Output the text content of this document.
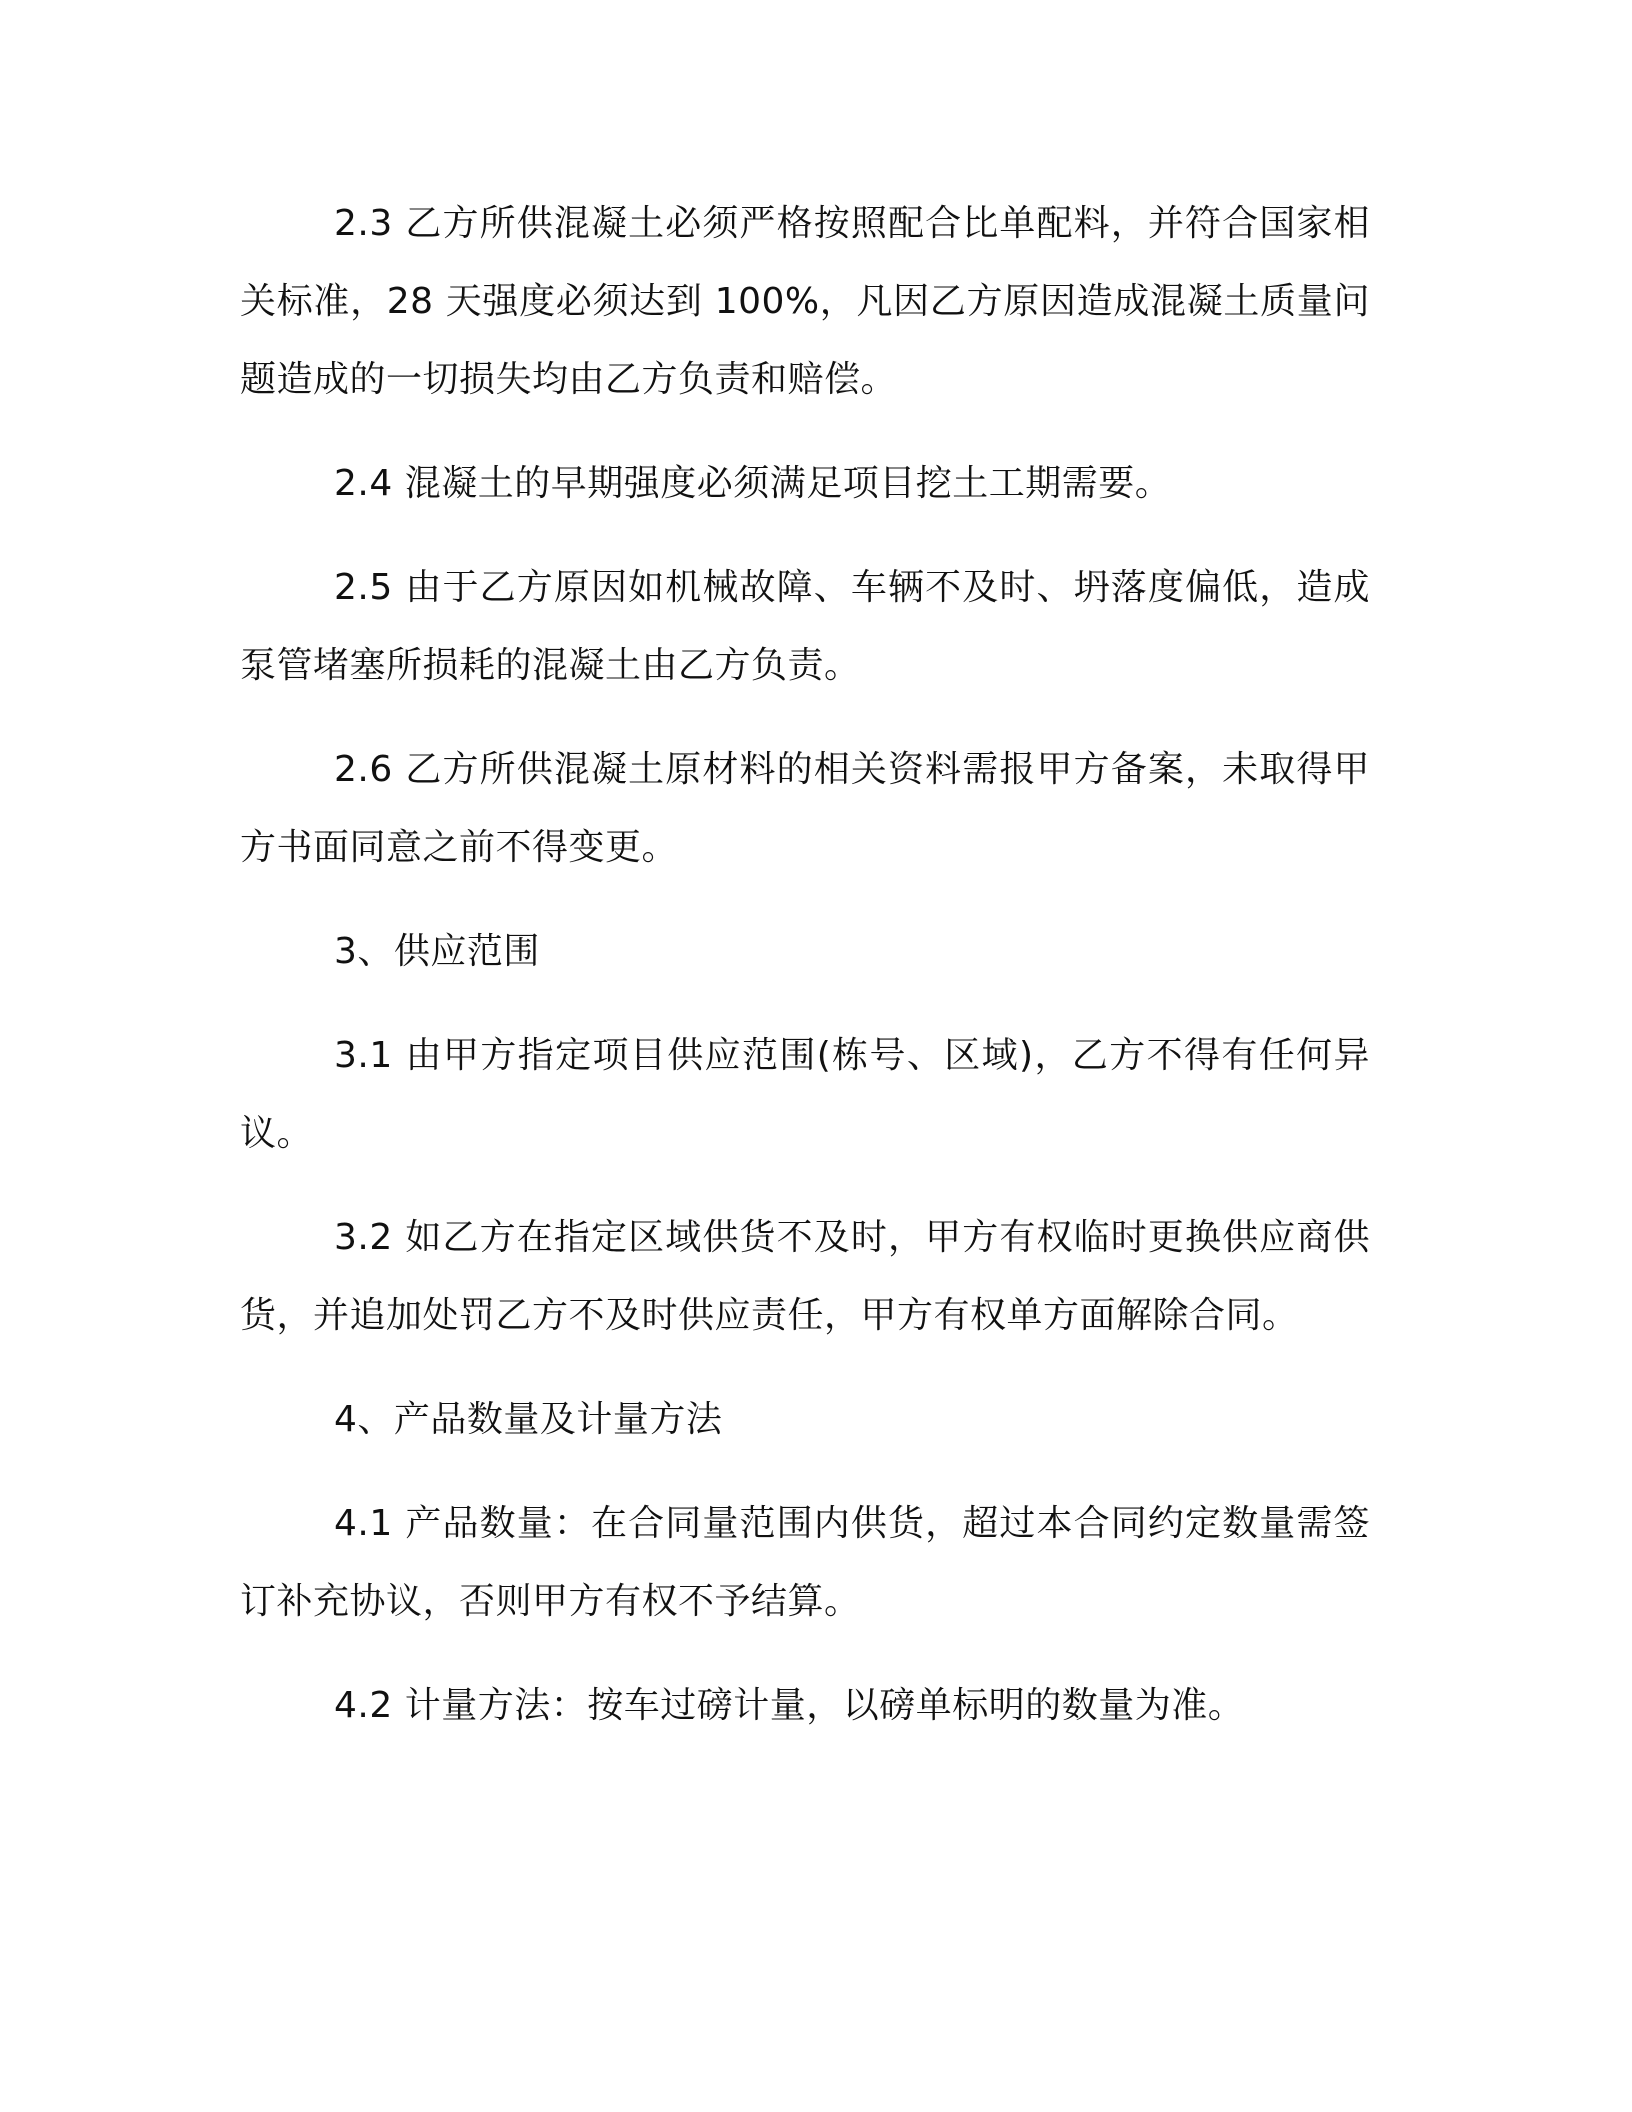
2.3 乙方所供混凝土必须严格按照配合比单配料，并符合国家相关标准，28 天强度必须达到 100%，凡因乙方原因造成混凝土质量问题造成的一切损失均由乙方负责和赔偿。

2.4 混凝土的早期强度必须满足项目挖土工期需要。

2.5 由于乙方原因如机械故障、车辆不及时、坍落度偏低，造成泵管堵塞所损耗的混凝土由乙方负责。

2.6 乙方所供混凝土原材料的相关资料需报甲方备案，未取得甲方书面同意之前不得变更。

3、供应范围

3.1 由甲方指定项目供应范围(栋号、区域)，乙方不得有任何异议。

3.2 如乙方在指定区域供货不及时，甲方有权临时更换供应商供货，并追加处罚乙方不及时供应责任，甲方有权单方面解除合同。

4、产品数量及计量方法

4.1 产品数量：在合同量范围内供货，超过本合同约定数量需签订补充协议，否则甲方有权不予结算。

4.2 计量方法：按车过磅计量，以磅单标明的数量为准。
